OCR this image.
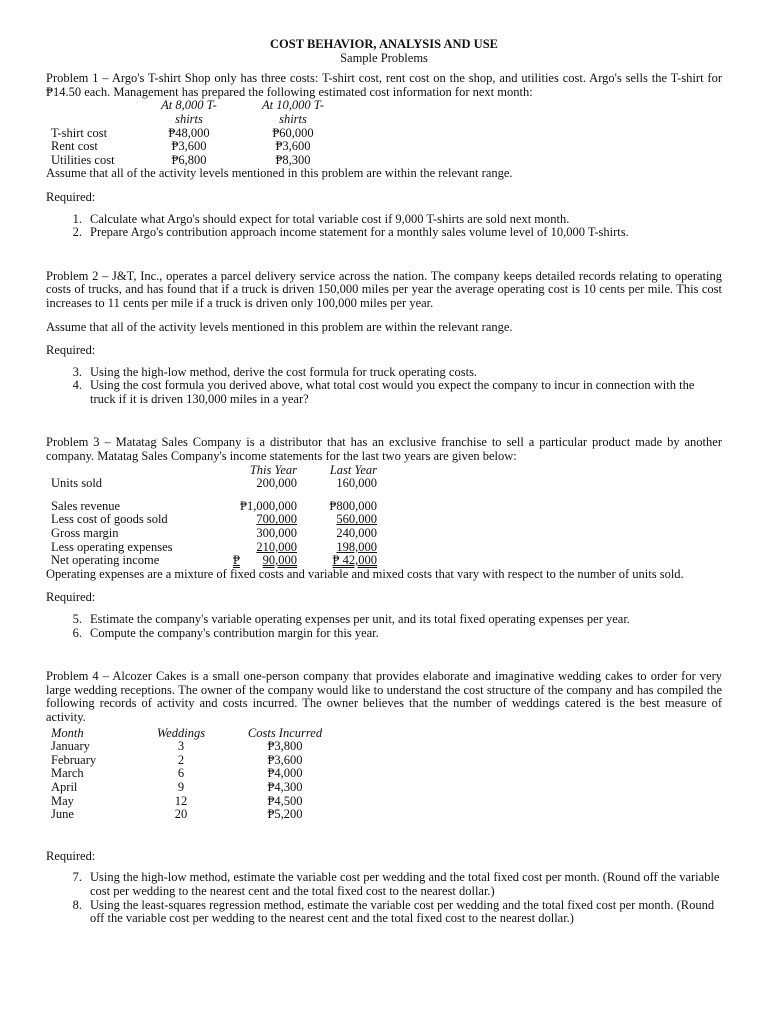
COST BEHAVIOR, ANALYSIS AND USE
Sample Problems

Problem 1 – Argo's T-shirt Shop only has three costs: T-shirt cost, rent cost on the shop, and utilities cost. Argo's sells the T-shirt for ₱14.50 each. Management has prepared the following estimated cost information for next month:

	At 8,000 T-shirts		At 10,000 T-shirts
T-shirt cost	₱48,000		₱60,000
Rent cost	₱3,600		₱3,600
Utilities cost	₱6,800		₱8,300

Assume that all of the activity levels mentioned in this problem are within the relevant range.

Required:

1. Calculate what Argo's should expect for total variable cost if 9,000 T-shirts are sold next month.
2. Prepare Argo's contribution approach income statement for a monthly sales volume level of 10,000 T-shirts.

Problem 2 – J&T, Inc., operates a parcel delivery service across the nation. The company keeps detailed records relating to operating costs of trucks, and has found that if a truck is driven 150,000 miles per year the average operating cost is 10 cents per mile. This cost increases to 11 cents per mile if a truck is driven only 100,000 miles per year.

Assume that all of the activity levels mentioned in this problem are within the relevant range.

Required:

3. Using the high-low method, derive the cost formula for truck operating costs.
4. Using the cost formula you derived above, what total cost would you expect the company to incur in connection with the truck if it is driven 130,000 miles in a year?

Problem 3 – Matatag Sales Company is a distributor that has an exclusive franchise to sell a particular product made by another company. Matatag Sales Company's income statements for the last two years are given below:

	This Year		Last Year
Units sold	200,000		160,000

Sales revenue	₱1,000,000		₱800,000
Less cost of goods sold	700,000		560,000
Gross margin	300,000		240,000
Less operating expenses	210,000		198,000
Net operating income	₱ 90,000		₱ 42,000

Operating expenses are a mixture of fixed costs and variable and mixed costs that vary with respect to the number of units sold.

Required:

5. Estimate the company's variable operating expenses per unit, and its total fixed operating expenses per year.
6. Compute the company's contribution margin for this year.

Problem 4 – Alcozer Cakes is a small one-person company that provides elaborate and imaginative wedding cakes to order for very large wedding receptions. The owner of the company would like to understand the cost structure of the company and has compiled the following records of activity and costs incurred. The owner believes that the number of weddings catered is the best measure of activity.

Month	Weddings	Costs Incurred
January	3	₱3,800
February	2	₱3,600
March	6	₱4,000
April	9	₱4,300
May	12	₱4,500
June	20	₱5,200

Required:

7. Using the high-low method, estimate the variable cost per wedding and the total fixed cost per month. (Round off the variable cost per wedding to the nearest cent and the total fixed cost to the nearest dollar.)
8. Using the least-squares regression method, estimate the variable cost per wedding and the total fixed cost per month. (Round off the variable cost per wedding to the nearest cent and the total fixed cost to the nearest dollar.)
